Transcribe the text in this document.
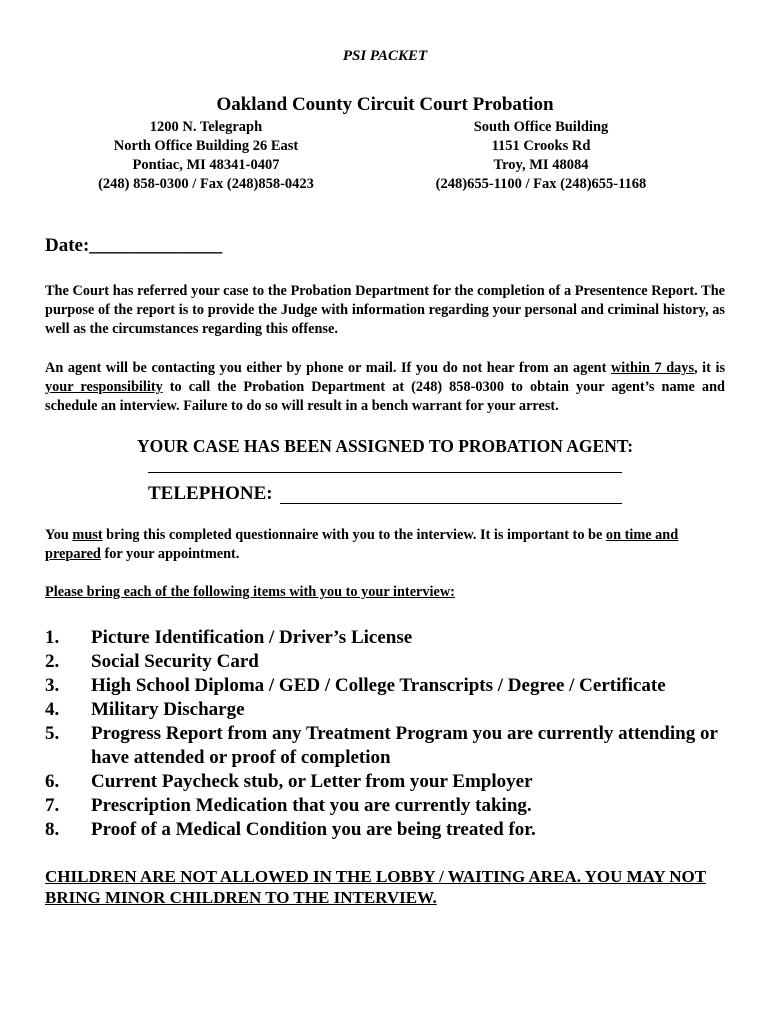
PSI PACKET
Oakland County Circuit Court Probation
1200 N. Telegraph
North Office Building 26 East
Pontiac, MI 48341-0407
(248) 858-0300 / Fax (248)858-0423
South Office Building
1151 Crooks Rd
Troy, MI 48084
(248)655-1100 / Fax (248)655-1168
Date:______________
The Court has referred your case to the Probation Department for the completion of a Presentence Report. The purpose of the report is to provide the Judge with information regarding your personal and criminal history, as well as the circumstances regarding this offense.
An agent will be contacting you either by phone or mail. If you do not hear from an agent within 7 days, it is your responsibility to call the Probation Department at (248) 858-0300 to obtain your agent’s name and schedule an interview. Failure to do so will result in a bench warrant for your arrest.
YOUR CASE HAS BEEN ASSIGNED TO PROBATION AGENT:
TELEPHONE:
You must bring this completed questionnaire with you to the interview. It is important to be on time and prepared for your appointment.
Please bring each of the following items with you to your interview:
1. Picture Identification / Driver’s License
2. Social Security Card
3. High School Diploma / GED / College Transcripts / Degree / Certificate
4. Military Discharge
5. Progress Report from any Treatment Program you are currently attending or have attended or proof of completion
6. Current Paycheck stub, or Letter from your Employer
7. Prescription Medication that you are currently taking.
8. Proof of a Medical Condition you are being treated for.
CHILDREN ARE NOT ALLOWED IN THE LOBBY / WAITING AREA. YOU MAY NOT BRING MINOR CHILDREN TO THE INTERVIEW.
